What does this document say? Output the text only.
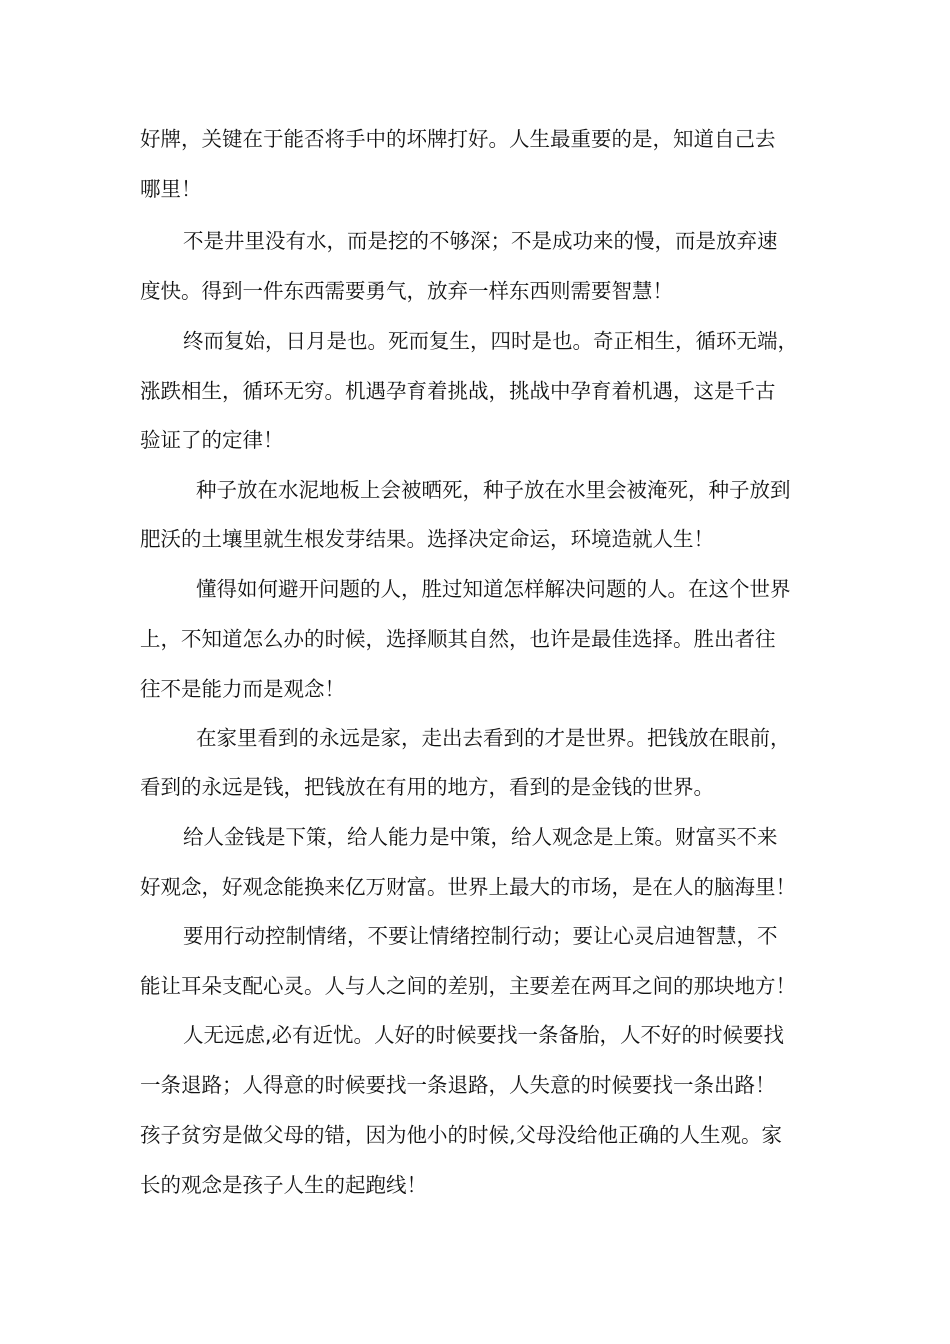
好牌，关键在于能否将手中的坏牌打好。人生最重要的是，知道自己去
哪里！
不是井里没有水，而是挖的不够深；不是成功来的慢，而是放弃速
度快。得到一件东西需要勇气，放弃一样东西则需要智慧！
终而复始，日月是也。死而复生，四时是也。奇正相生，循环无端，
涨跌相生，循环无穷。机遇孕育着挑战，挑战中孕育着机遇，这是千古
验证了的定律！
种子放在水泥地板上会被晒死，种子放在水里会被淹死，种子放到
肥沃的土壤里就生根发芽结果。选择决定命运，环境造就人生！
懂得如何避开问题的人，胜过知道怎样解决问题的人。在这个世界
上，不知道怎么办的时候，选择顺其自然，也许是最佳选择。胜出者往
往不是能力而是观念！
在家里看到的永远是家，走出去看到的才是世界。把钱放在眼前，
看到的永远是钱，把钱放在有用的地方，看到的是金钱的世界。
给人金钱是下策，给人能力是中策，给人观念是上策。财富买不来
好观念，好观念能换来亿万财富。世界上最大的市场，是在人的脑海里！
要用行动控制情绪，不要让情绪控制行动；要让心灵启迪智慧，不
能让耳朵支配心灵。人与人之间的差别，主要差在两耳之间的那块地方！
人无远虑,必有近忧。人好的时候要找一条备胎，人不好的时候要找
一条退路；人得意的时候要找一条退路，人失意的时候要找一条出路！
孩子贫穷是做父母的错，因为他小的时候,父母没给他正确的人生观。家
长的观念是孩子人生的起跑线！
